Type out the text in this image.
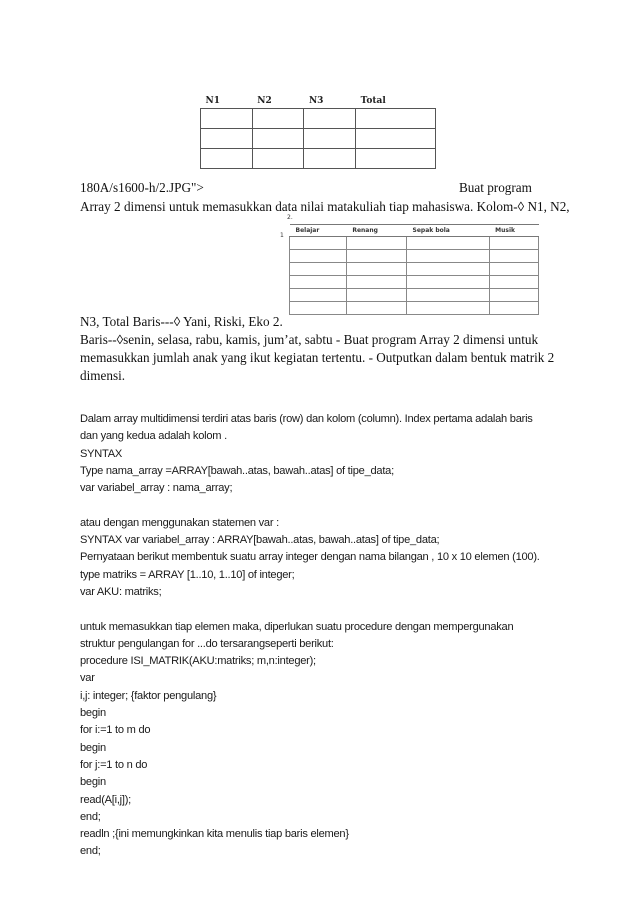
N1	N2	N3	Total

180A/s1600-h/2.JPG">	Buat program
Array 2 dimensi untuk memasukkan data nilai matakuliah tiap mahasiswa. Kolom-◊ N1, N2,
2.
1
Belajar	Renang	Sepak bola	Musik

N3, Total Baris---◊ Yani, Riski, Eko 2.
Baris--◊senin, selasa, rabu, kamis, jum’at, sabtu - Buat program Array 2 dimensi untuk
memasukkan jumlah anak yang ikut kegiatan tertentu. - Outputkan dalam bentuk matrik 2
dimensi.
Dalam array multidimensi terdiri atas baris (row) dan kolom (column). Index pertama adalah baris
dan yang kedua adalah kolom .
SYNTAX
Type nama_array =ARRAY[bawah..atas, bawah..atas] of tipe_data;
var variabel_array : nama_array;
atau dengan menggunakan statemen var :
SYNTAX var variabel_array : ARRAY[bawah..atas, bawah..atas] of tipe_data;
Pernyataan berikut membentuk suatu array integer dengan nama bilangan , 10 x 10 elemen (100).
type matriks = ARRAY [1..10, 1..10] of integer;
var AKU: matriks;
untuk memasukkan tiap elemen maka, diperlukan suatu procedure dengan mempergunakan
struktur pengulangan for ...do tersarangseperti berikut:
procedure ISI_MATRIK(AKU:matriks; m,n:integer);
var
i,j: integer; {faktor pengulang}
begin
for i:=1 to m do
begin
for j:=1 to n do
begin
read(A[i,j]);
end;
readln ;{ini memungkinkan kita menulis tiap baris elemen}
end;
